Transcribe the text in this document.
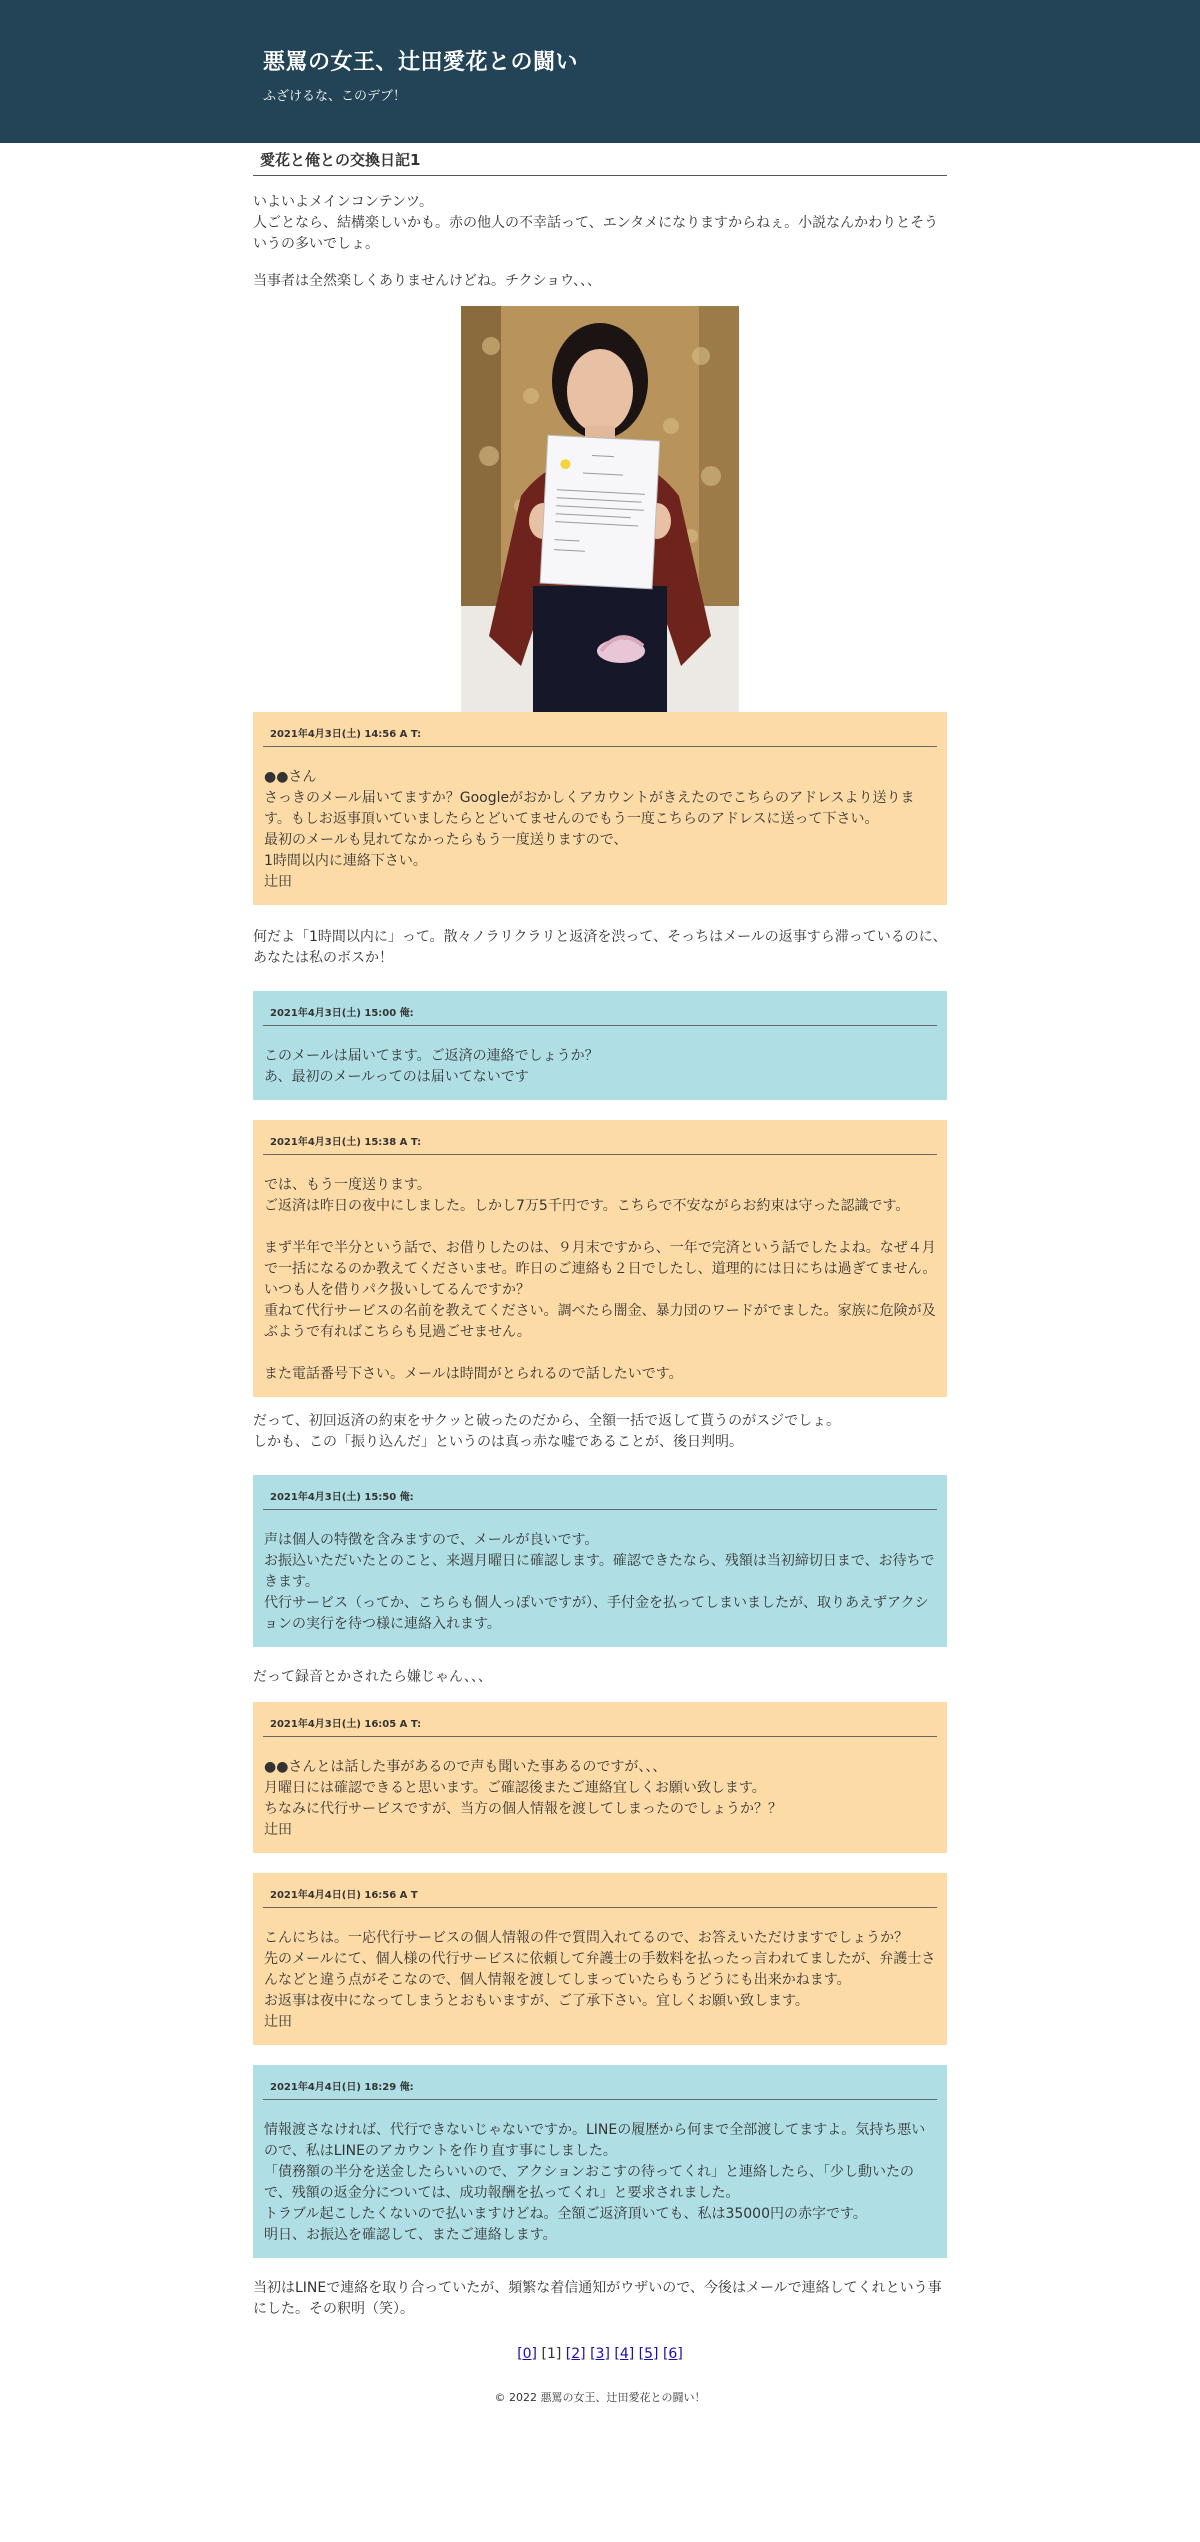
悪罵の女王、辻田愛花との闘い

ふざけるな、このデブ！

愛花と俺との交換日記1

いよいよメインコンテンツ。
人ごとなら、結構楽しいかも。赤の他人の不幸話って、エンタメになりますからねぇ。小説なんかわりとそういうの多いでしょ。

当事者は全然楽しくありませんけどね。チクショウ、、、

2021年4月3日(土) 14:56 A T:
●●さん
さっきのメール届いてますか？Googleがおかしくアカウントがきえたのでこちらのアドレスより送ります。もしお返事頂いていましたらとどいてませんのでもう一度こちらのアドレスに送って下さい。
最初のメールも見れてなかったらもう一度送りますので、
1時間以内に連絡下さい。
辻田

何だよ「1時間以内に」って。散々ノラリクラリと返済を渋って、そっちはメールの返事すら滞っているのに、あなたは私のボスか！

2021年4月3日(土) 15:00 俺:
このメールは届いてます。ご返済の連絡でしょうか？
あ、最初のメールってのは届いてないです
2021年4月3日(土) 15:38 A T:
では、もう一度送ります。
ご返済は昨日の夜中にしました。しかし7万5千円です。こちらで不安ながらお約束は守った認識です。

まず半年で半分という話で、お借りしたのは、９月末ですから、一年で完済という話でしたよね。なぜ４月で一括になるのか教えてくださいませ。昨日のご連絡も２日でしたし、道理的には日にちは過ぎてません。いつも人を借りパク扱いしてるんですか？
重ねて代行サービスの名前を教えてください。調べたら闇金、暴力団のワードがでました。家族に危険が及ぶようで有ればこちらも見過ごせません。

また電話番号下さい。メールは時間がとられるので話したいです。

だって、初回返済の約束をサクッと破ったのだから、全額一括で返して貰うのがスジでしょ。
しかも、この「振り込んだ」というのは真っ赤な嘘であることが、後日判明。

2021年4月3日(土) 15:50 俺:
声は個人の特徴を含みますので、メールが良いです。
お振込いただいたとのこと、来週月曜日に確認します。確認できたなら、残額は当初締切日まで、お待ちできます。
代行サービス（ってか、こちらも個人っぽいですが）、手付金を払ってしまいましたが、取りあえずアクションの実行を待つ様に連絡入れます。

だって録音とかされたら嫌じゃん、、、

2021年4月3日(土) 16:05 A T:
●●さんとは話した事があるので声も聞いた事あるのですが、、、
月曜日には確認できると思います。ご確認後またご連絡宜しくお願い致します。
ちなみに代行サービスですが、当方の個人情報を渡してしまったのでしょうか？？
辻田
2021年4月4日(日) 16:56 A T
こんにちは。一応代行サービスの個人情報の件で質問入れてるので、お答えいただけますでしょうか？
先のメールにて、個人様の代行サービスに依頼して弁護士の手数料を払ったっ言われてましたが、弁護士さんなどと違う点がそこなので、個人情報を渡してしまっていたらもうどうにも出来かねます。
お返事は夜中になってしまうとおもいますが、ご了承下さい。宜しくお願い致します。
辻田
2021年4月4日(日) 18:29 俺:
情報渡さなければ、代行できないじゃないですか。LINEの履歴から何まで全部渡してますよ。気持ち悪いので、私はLINEのアカウントを作り直す事にしました。
「債務額の半分を送金したらいいので、アクションおこすの待ってくれ」と連絡したら、「少し動いたので、残額の返金分については、成功報酬を払ってくれ」と要求されました。
トラブル起こしたくないので払いますけどね。全額ご返済頂いても、私は35000円の赤字です。
明日、お振込を確認して、またご連絡します。

当初はLINEで連絡を取り合っていたが、頻繁な着信通知がウザいので、今後はメールで連絡してくれという事にした。その釈明（笑）。

[0] [1] [2] [3] [4] [5] [6]

© 2022 悪罵の女王、辻田愛花との闘い！
